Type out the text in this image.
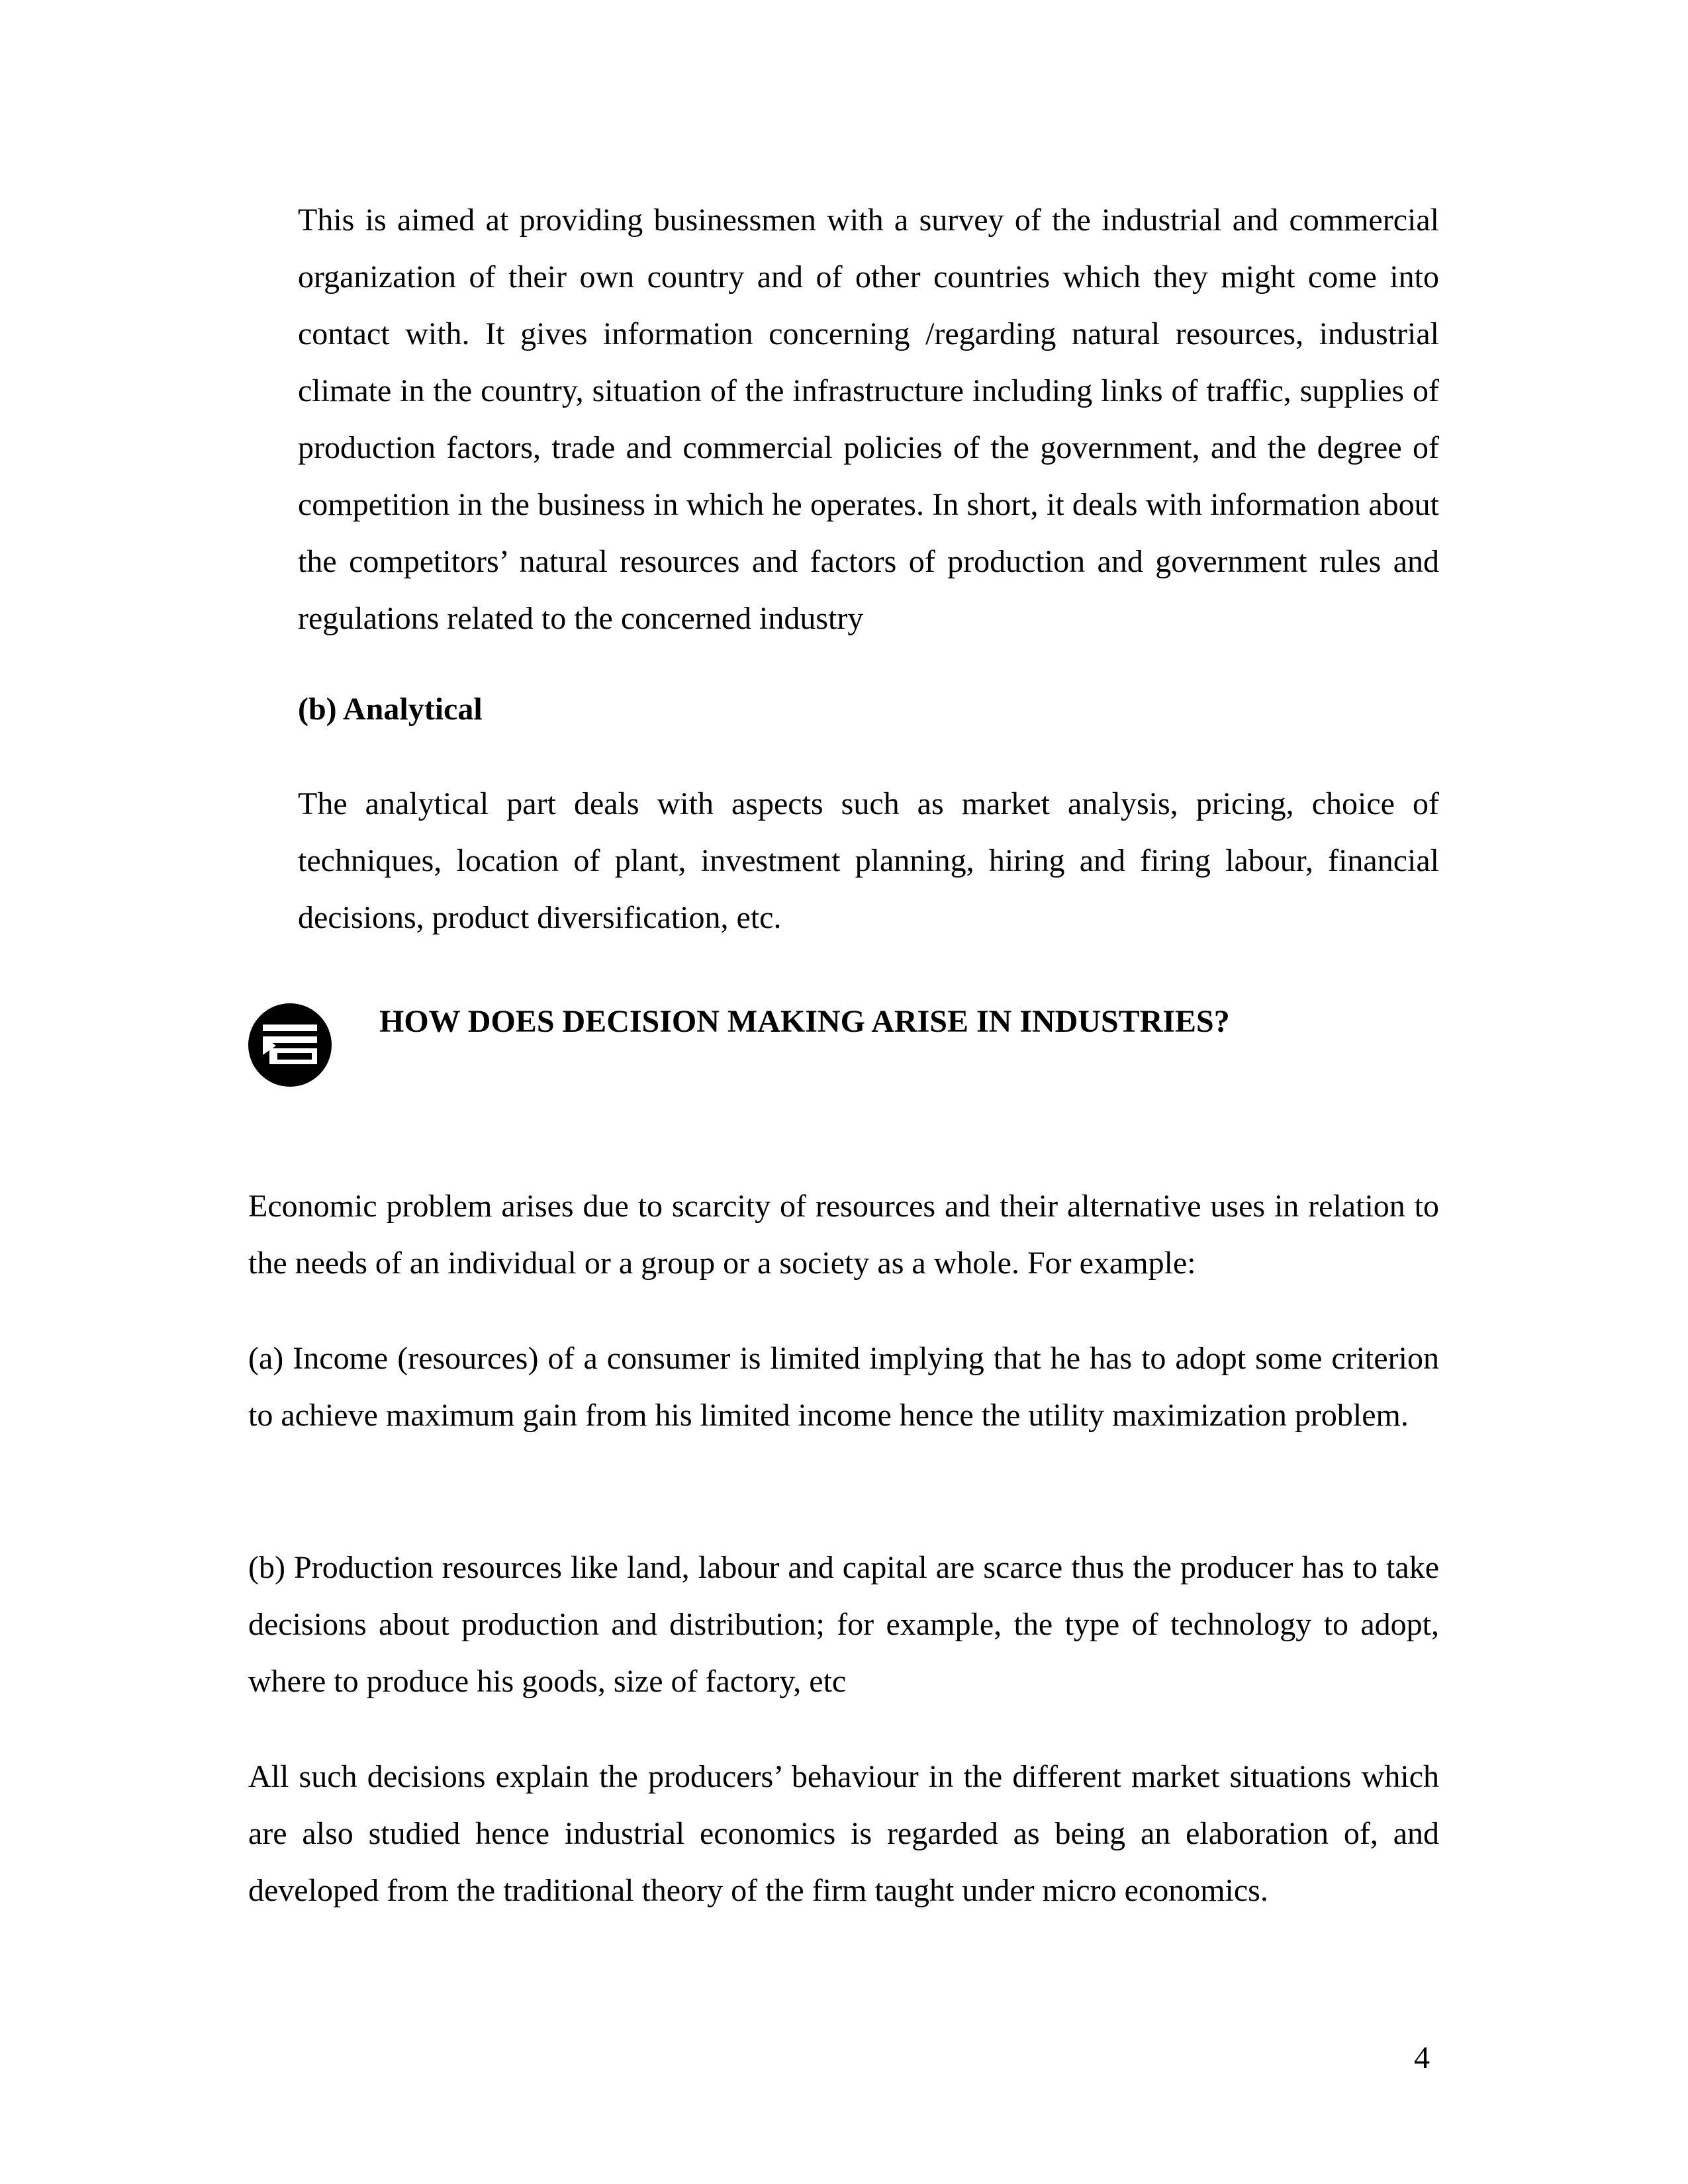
This is aimed at providing businessmen with a survey of the industrial and commercial organization of their own country and of other countries which they might come into contact with. It gives information concerning /regarding natural resources, industrial climate in the country, situation of the infrastructure including links of traffic, supplies of production factors, trade and commercial policies of the government, and the degree of competition in the business in which he operates. In short, it deals with information about the competitors’ natural resources and factors of production and government rules and regulations related to the concerned industry

(b) Analytical

The analytical part deals with aspects such as market analysis, pricing, choice of techniques, location of plant, investment planning, hiring and firing labour, financial decisions, product diversification, etc.

HOW DOES DECISION MAKING ARISE IN INDUSTRIES?

Economic problem arises due to scarcity of resources and their alternative uses in relation to the needs of an individual or a group or a society as a whole. For example:

(a) Income (resources) of a consumer is limited implying that he has to adopt some criterion to achieve maximum gain from his limited income hence the utility maximization problem.

(b) Production resources like land, labour and capital are scarce thus the producer has to take decisions about production and distribution; for example, the type of technology to adopt, where to produce his goods, size of factory, etc

All such decisions explain the producers’ behaviour in the different market situations which are also studied hence industrial economics is regarded as being an elaboration of, and developed from the traditional theory of the firm taught under micro economics.

4
